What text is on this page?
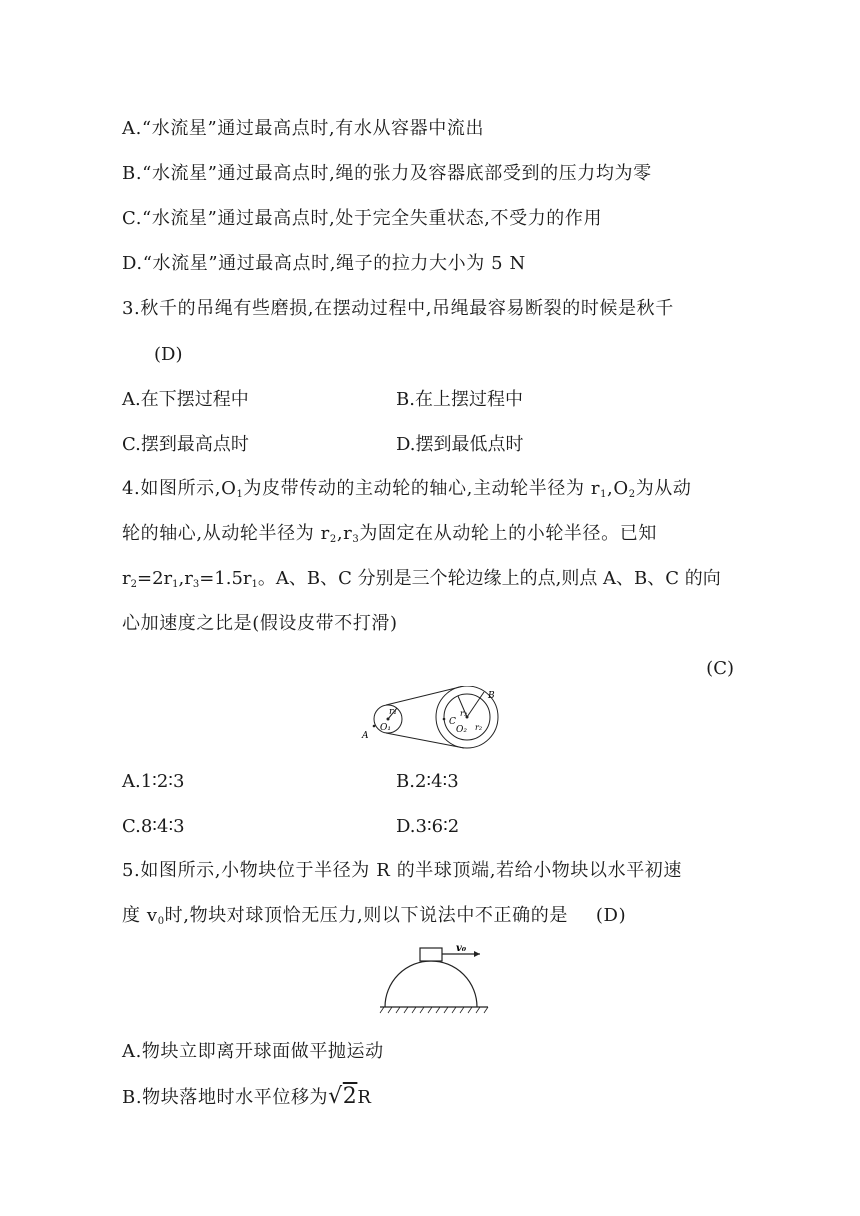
A.“水流星”通过最高点时,有水从容器中流出
B.“水流星”通过最高点时,绳的张力及容器底部受到的压力均为零
C.“水流星”通过最高点时,处于完全失重状态,不受力的作用
D.“水流星”通过最高点时,绳子的拉力大小为 5 N
3.秋千的吊绳有些磨损,在摆动过程中,吊绳最容易断裂的时候是秋千
(D)
A.在下摆过程中	B.在上摆过程中
C.摆到最高点时	D.摆到最低点时
4.如图所示$,O_1$为皮带传动的主动轮的轴心,主动轮半径为 $r_1,O_2$为从动
轮的轴心,从动轮半径为 $r_2,r_3$为固定在从动轮上的小轮半径。已知
$r_2=2r_1,r_3=1.5r_1$。A、B、C 分别是三个轮边缘上的点,则点 A、B、C 的向
心加速度之比是(假设皮带不打滑)
(C)
r₁
O₁
A
B
C
r₃
O₂ r₂
A.1∶2∶3	B.2∶4∶3
C.8∶4∶3	D.3∶6∶2
5.如图所示,小物块位于半径为 R 的半球顶端,若给小物块以水平初速
度 $v_0$时,物块对球顶恰无压力,则以下说法中不正确的是 (D)
v₀
A.物块立即离开球面做平抛运动
B.物块落地时水平位移为√2R
